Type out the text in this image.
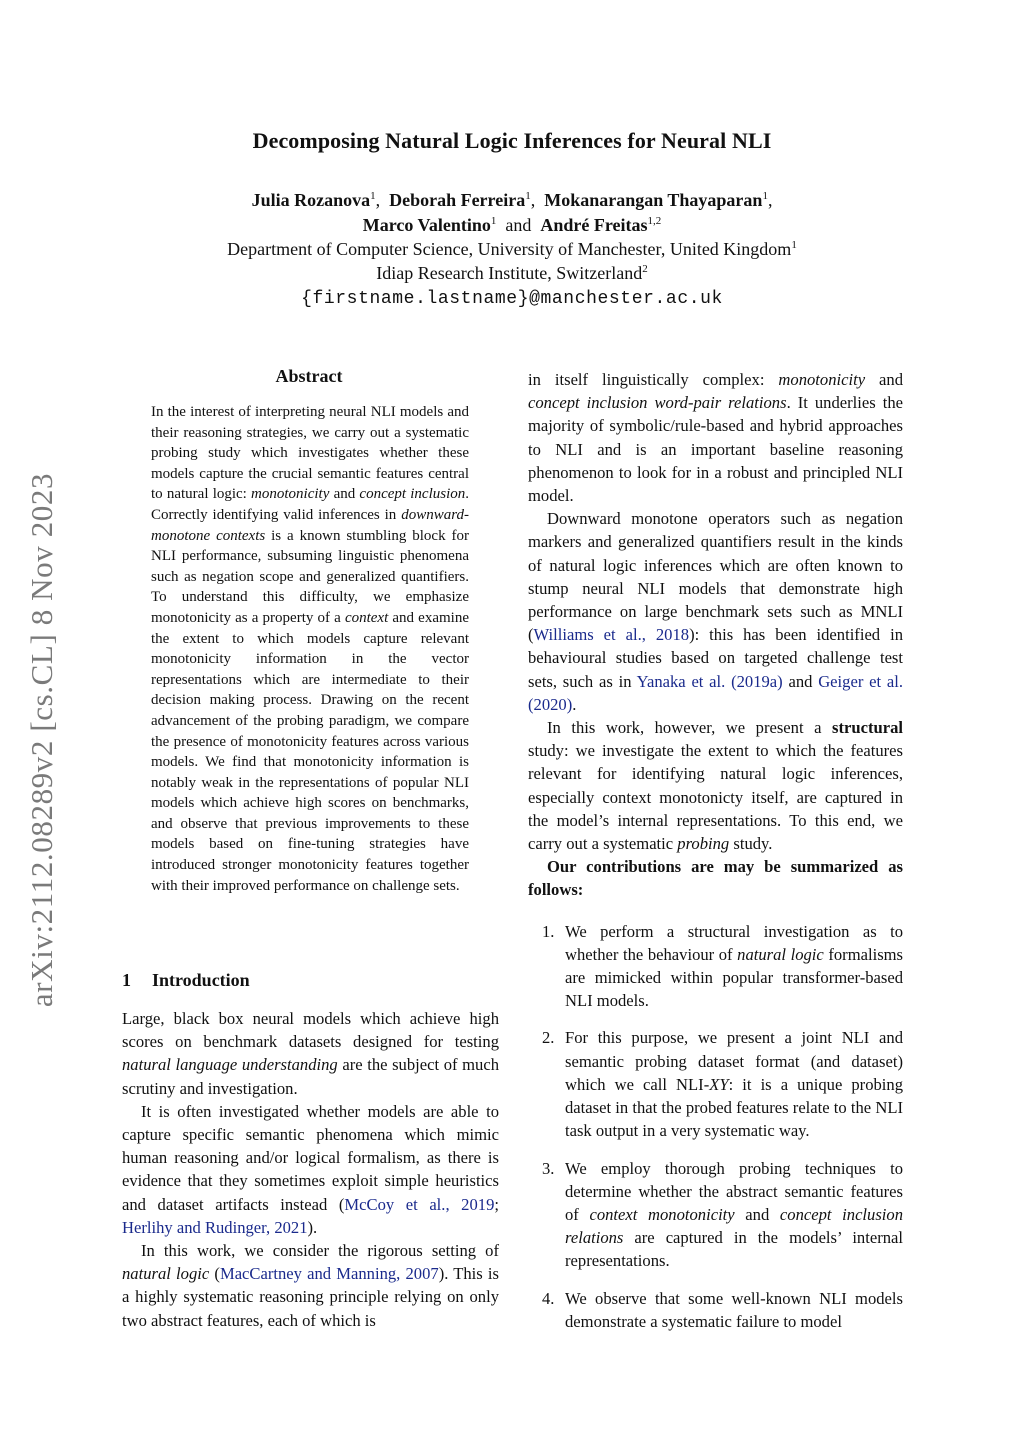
Decomposing Natural Logic Inferences for Neural NLI
Julia Rozanova$^1$,  Deborah Ferreira$^1$,  Mokanarangan Thayaparan$^1$,
Marco Valentino$^1$ and André Freitas$^{1,2}$
Department of Computer Science, University of Manchester, United Kingdom$^1$
Idiap Research Institute, Switzerland$^2$
{firstname.lastname}@manchester.ac.uk
arXiv:2112.08289v2 [cs.CL] 8 Nov 2023
Abstract

In the interest of interpreting neural NLI models and their reasoning strategies, we carry out a systematic probing study which investigates whether these models capture the crucial semantic features central to natural logic: monotonicity and concept inclusion. Correctly identifying valid inferences in downward-monotone contexts is a known stumbling block for NLI performance, subsuming linguistic phenomena such as negation scope and generalized quantifiers. To understand this difficulty, we emphasize monotonicity as a property of a context and examine the extent to which models capture relevant monotonicity information in the vector representations which are intermediate to their decision making process. Drawing on the recent advancement of the probing paradigm, we compare the presence of monotonicity features across various models. We find that monotonicity information is notably weak in the representations of popular NLI models which achieve high scores on benchmarks, and observe that previous improvements to these models based on fine-tuning strategies have introduced stronger monotonicity features together with their improved performance on challenge sets.

1 Introduction

Large, black box neural models which achieve high scores on benchmark datasets designed for testing natural language understanding are the subject of much scrutiny and investigation.

It is often investigated whether models are able to capture specific semantic phenomena which mimic human reasoning and/or logical formalism, as there is evidence that they sometimes exploit simple heuristics and dataset artifacts instead (McCoy et al., 2019; Herlihy and Rudinger, 2021).

In this work, we consider the rigorous setting of natural logic (MacCartney and Manning, 2007). This is a highly systematic reasoning principle relying on only two abstract features, each of which is

in itself linguistically complex: monotonicity and concept inclusion word-pair relations. It underlies the majority of symbolic/rule-based and hybrid approaches to NLI and is an important baseline reasoning phenomenon to look for in a robust and principled NLI model.

Downward monotone operators such as negation markers and generalized quantifiers result in the kinds of natural logic inferences which are often known to stump neural NLI models that demonstrate high performance on large benchmark sets such as MNLI (Williams et al., 2018): this has been identified in behavioural studies based on targeted challenge test sets, such as in Yanaka et al. (2019a) and Geiger et al. (2020).

In this work, however, we present a structural study: we investigate the extent to which the features relevant for identifying natural logic inferences, especially context monotonicty itself, are captured in the model’s internal representations. To this end, we carry out a systematic probing study.

Our contributions are may be summarized as follows:

1. We perform a structural investigation as to whether the behaviour of natural logic formalisms are mimicked within popular transformer-based NLI models.
2. For this purpose, we present a joint NLI and semantic probing dataset format (and dataset) which we call NLI-XY: it is a unique probing dataset in that the probed features relate to the NLI task output in a very systematic way.
3. We employ thorough probing techniques to determine whether the abstract semantic features of context monotonicity and concept inclusion relations are captured in the models’ internal representations.
4. We observe that some well-known NLI models demonstrate a systematic failure to model
